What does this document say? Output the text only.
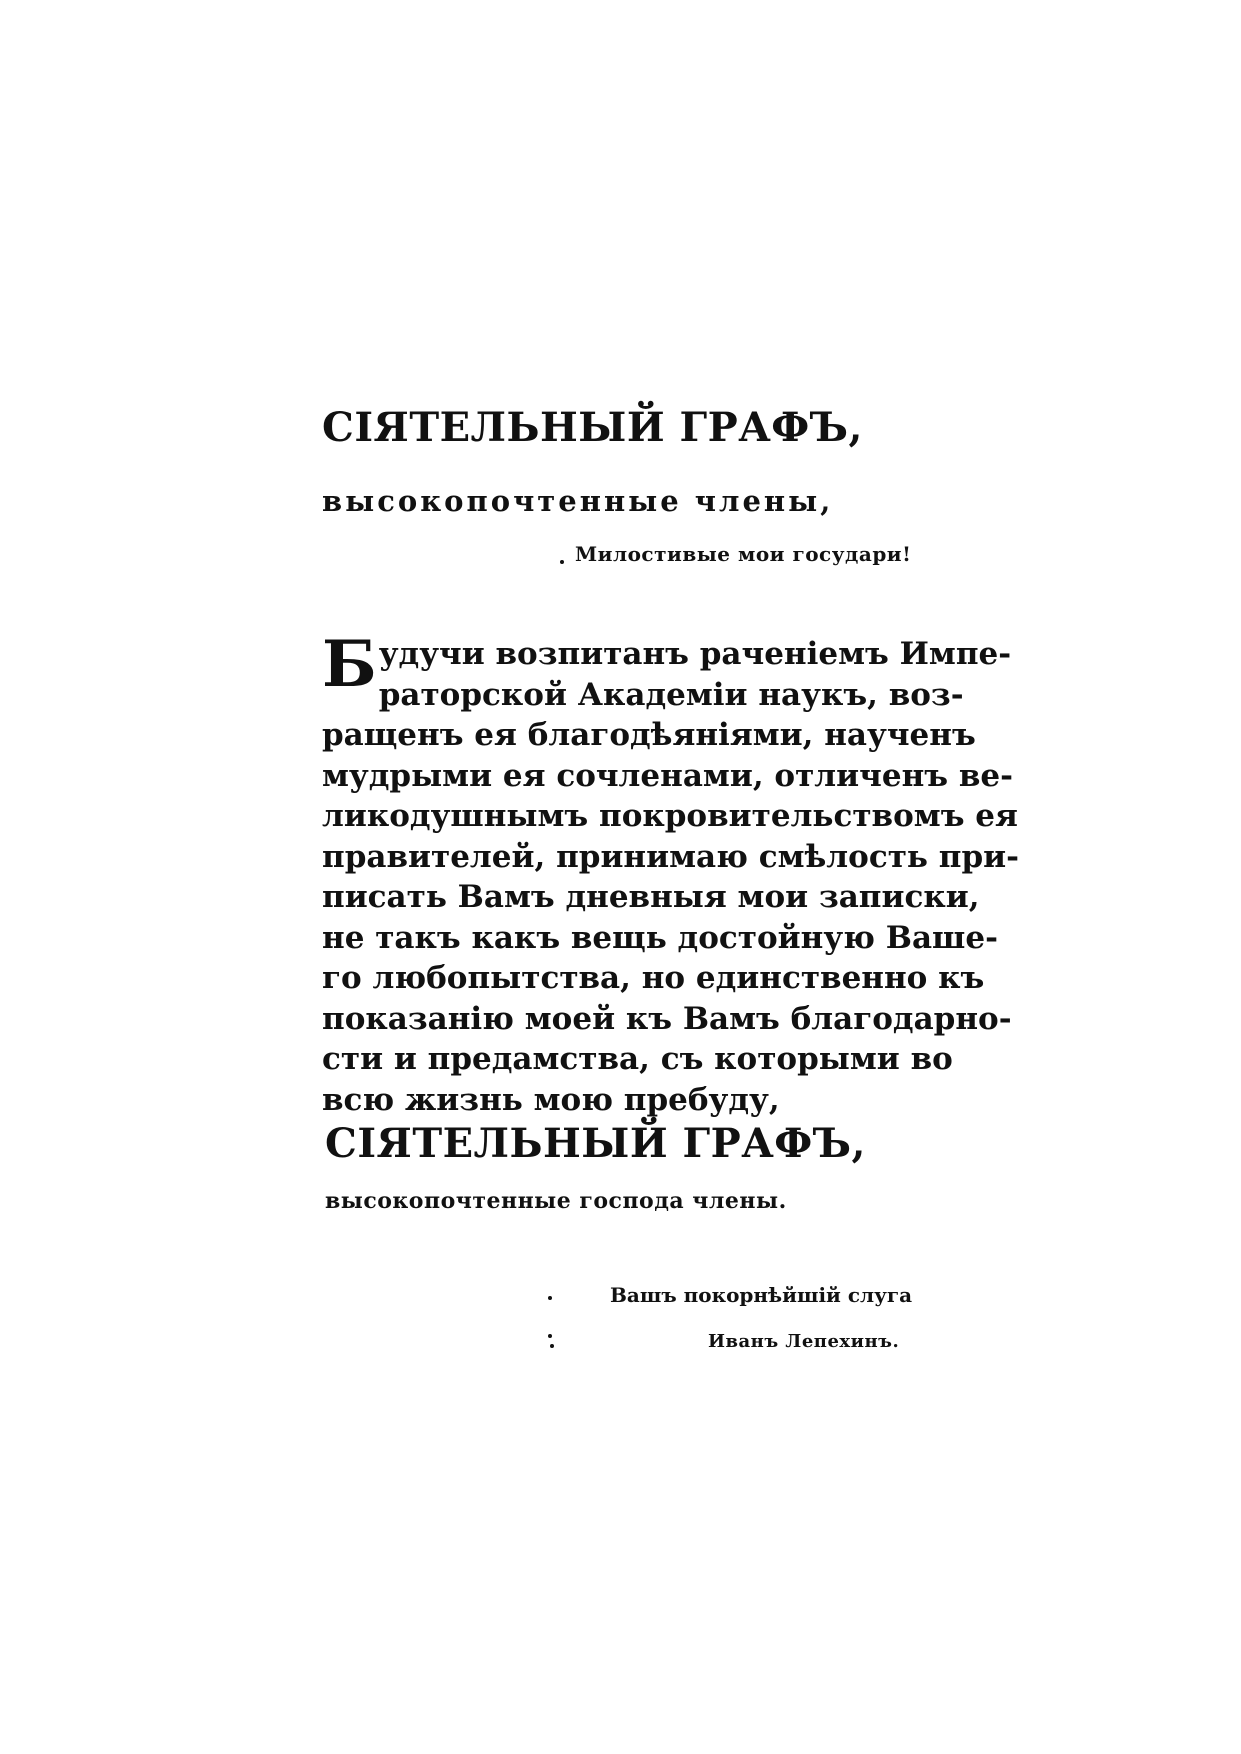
СІЯТЕЛЬНЫЙ ГРАФЪ,
высокопочтенные члены,
Милостивые мои государи!
Б удучи возпитанъ раченіемъ Импе-
раторской Академіи наукъ, воз-
ращенъ ея благодѣяніями, наученъ
мудрыми ея сочленами, отличенъ ве-
ликодушнымъ покровительствомъ ея
правителей, принимаю смѣлость при-
писать Вамъ дневныя мои записки,
не такъ какъ вещь достойную Ваше-
го любопытства, но единственно къ
показанію моей къ Вамъ благодарно-
сти и предамства, съ которыми во
всю жизнь мою пребуду,
СІЯТЕЛЬНЫЙ ГРАФЪ,
высокопочтенные господа члены.
Вашъ покорнѣйшій слуга
Иванъ Лепехинъ.
